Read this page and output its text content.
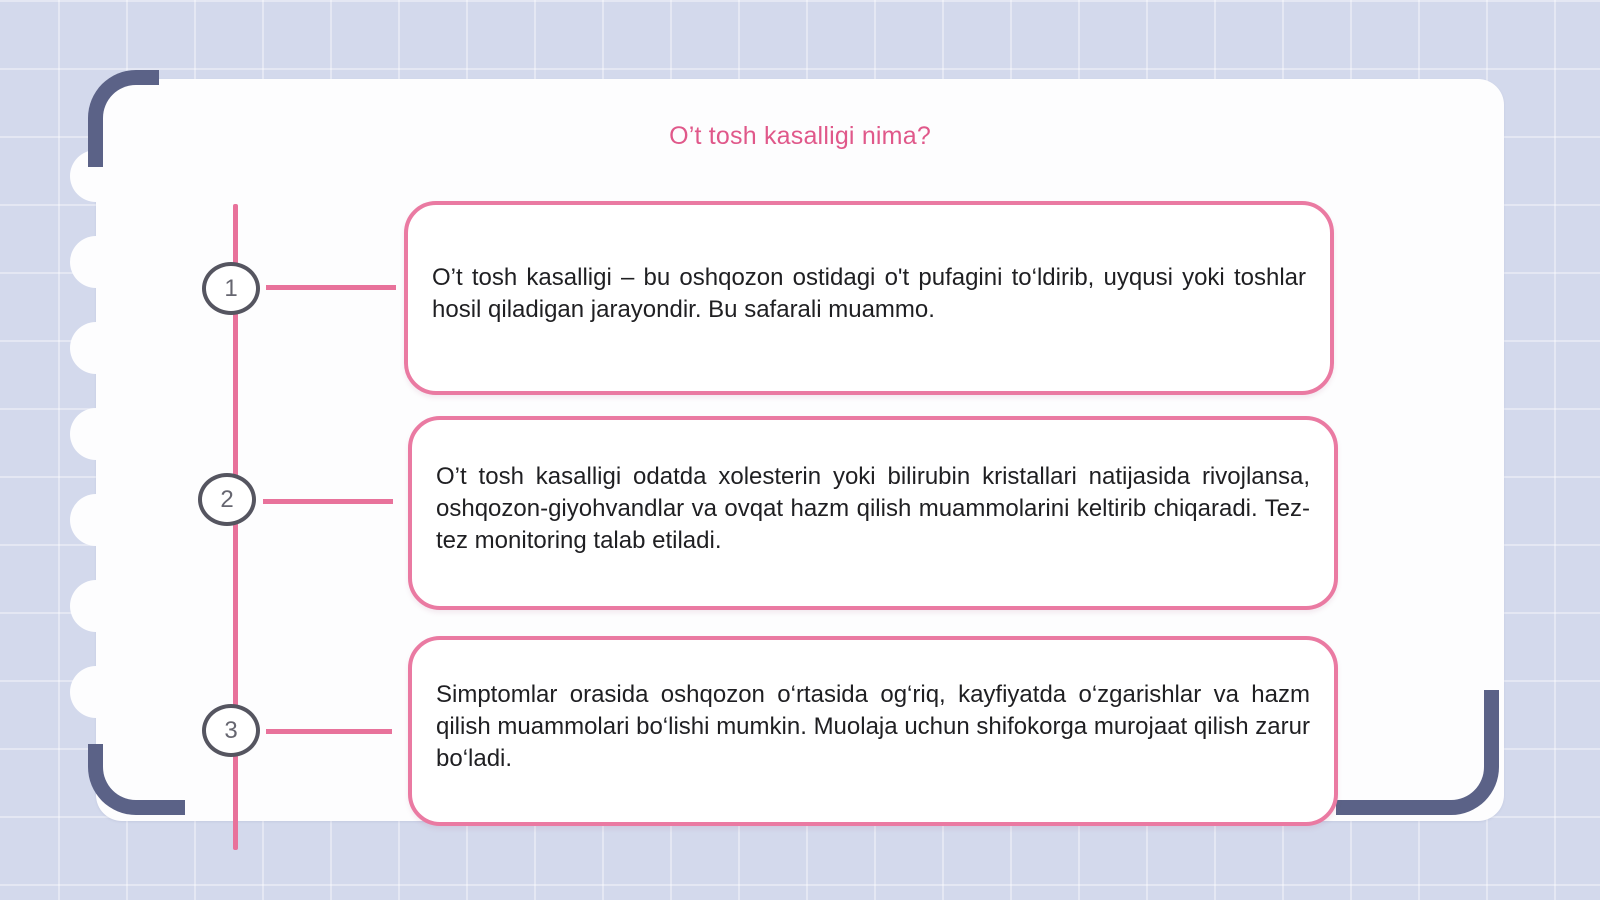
O’t tosh kasalligi nima?
1
2
3

O’t tosh kasalligi – bu oshqozon ostidagi o't pufagini to‘ldirib, uyqusi yoki toshlar hosil qiladigan jarayondir. Bu safarali muammo.

O’t tosh kasalligi odatda xolesterin yoki bilirubin kristallari natijasida rivojlansa, oshqozon-giyohvandlar va ovqat hazm qilish muammolarini keltirib chiqaradi. Tez-tez monitoring talab etiladi.

Simptomlar orasida oshqozon o‘rtasida og‘riq, kayfiyatda o‘zgarishlar va hazm qilish muammolari bo‘lishi mumkin. Muolaja uchun shifokorga murojaat qilish zarur bo‘ladi.
